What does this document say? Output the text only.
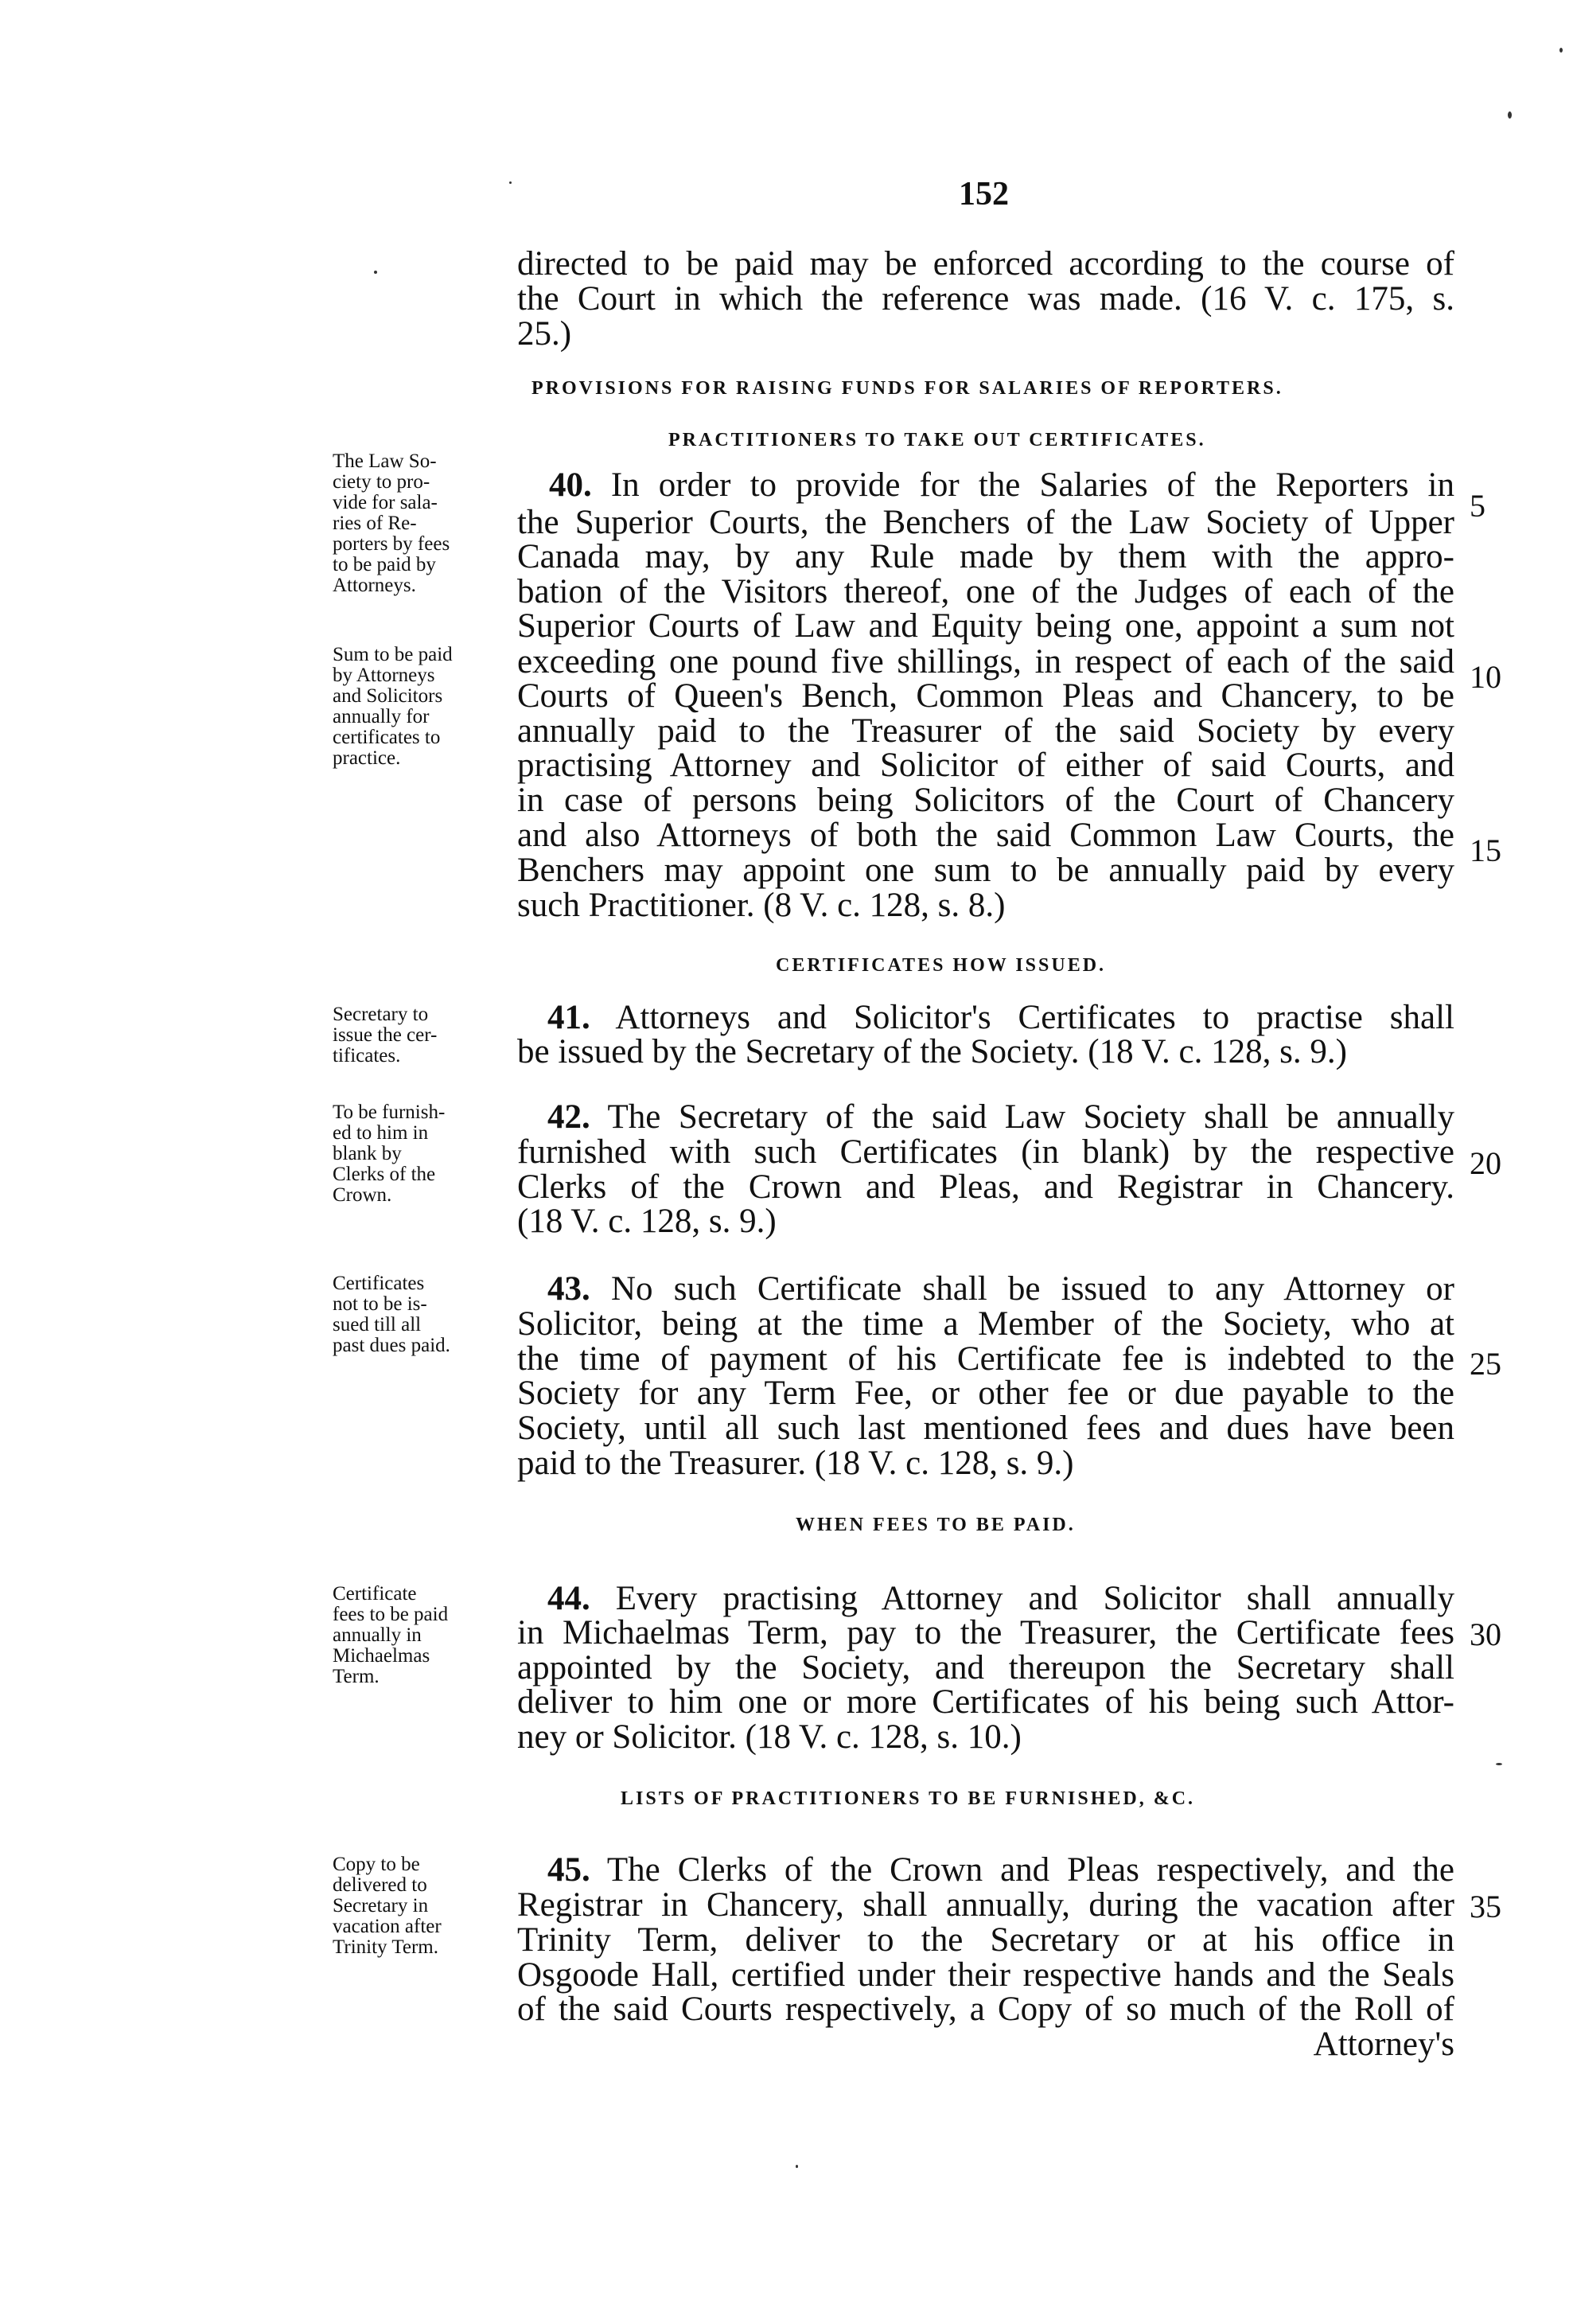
152
directed to be paid may be enforced according to the course of
the Court in which the reference was made. (16 V. c. 175, s.
25.)
PROVISIONS FOR RAISING FUNDS FOR SALARIES OF REPORTERS.
PRACTITIONERS TO TAKE OUT CERTIFICATES.
The Law So-
ciety to pro-
vide for sala-
ries of Re-
porters by fees
to be paid by
Attorneys.
Sum to be paid
by Attorneys
and Solicitors
annually for
certificates to
practice.
40. In order to provide for the Salaries of the Reporters in
the Superior Courts, the Benchers of the Law Society of Upper
Canada may, by any Rule made by them with the appro-
bation of the Visitors thereof, one of the Judges of each of the
Superior Courts of Law and Equity being one, appoint a sum not
exceeding one pound five shillings, in respect of each of the said
Courts of Queen's Bench, Common Pleas and Chancery, to be
annually paid to the Treasurer of the said Society by every
practising Attorney and Solicitor of either of said Courts, and
in case of persons being Solicitors of the Court of Chancery
and also Attorneys of both the said Common Law Courts, the
Benchers may appoint one sum to be annually paid by every
such Practitioner. (8 V. c. 128, s. 8.)
CERTIFICATES HOW ISSUED.
Secretary to
issue the cer-
tificates.
41. Attorneys and Solicitor's Certificates to practise shall
be issued by the Secretary of the Society. (18 V. c. 128, s. 9.)
To be furnish-
ed to him in
blank by
Clerks of the
Crown.
42. The Secretary of the said Law Society shall be annually
furnished with such Certificates (in blank) by the respective
Clerks of the Crown and Pleas, and Registrar in Chancery.
(18 V. c. 128, s. 9.)
Certificates
not to be is-
sued till all
past dues paid.
43. No such Certificate shall be issued to any Attorney or
Solicitor, being at the time a Member of the Society, who at
the time of payment of his Certificate fee is indebted to the
Society for any Term Fee, or other fee or due payable to the
Society, until all such last mentioned fees and dues have been
paid to the Treasurer. (18 V. c. 128, s. 9.)
WHEN FEES TO BE PAID.
Certificate
fees to be paid
annually in
Michaelmas
Term.
44. Every practising Attorney and Solicitor shall annually
in Michaelmas Term, pay to the Treasurer, the Certificate fees
appointed by the Society, and thereupon the Secretary shall
deliver to him one or more Certificates of his being such Attor-
ney or Solicitor. (18 V. c. 128, s. 10.)
LISTS OF PRACTITIONERS TO BE FURNISHED, &C.
Copy to be
delivered to
Secretary in
vacation after
Trinity Term.
45. The Clerks of the Crown and Pleas respectively, and the
Registrar in Chancery, shall annually, during the vacation after
Trinity Term, deliver to the Secretary or at his office in
Osgoode Hall, certified under their respective hands and the Seals
of the said Courts respectively, a Copy of so much of the Roll of
Attorney's
5
10
15
20
25
30
35
